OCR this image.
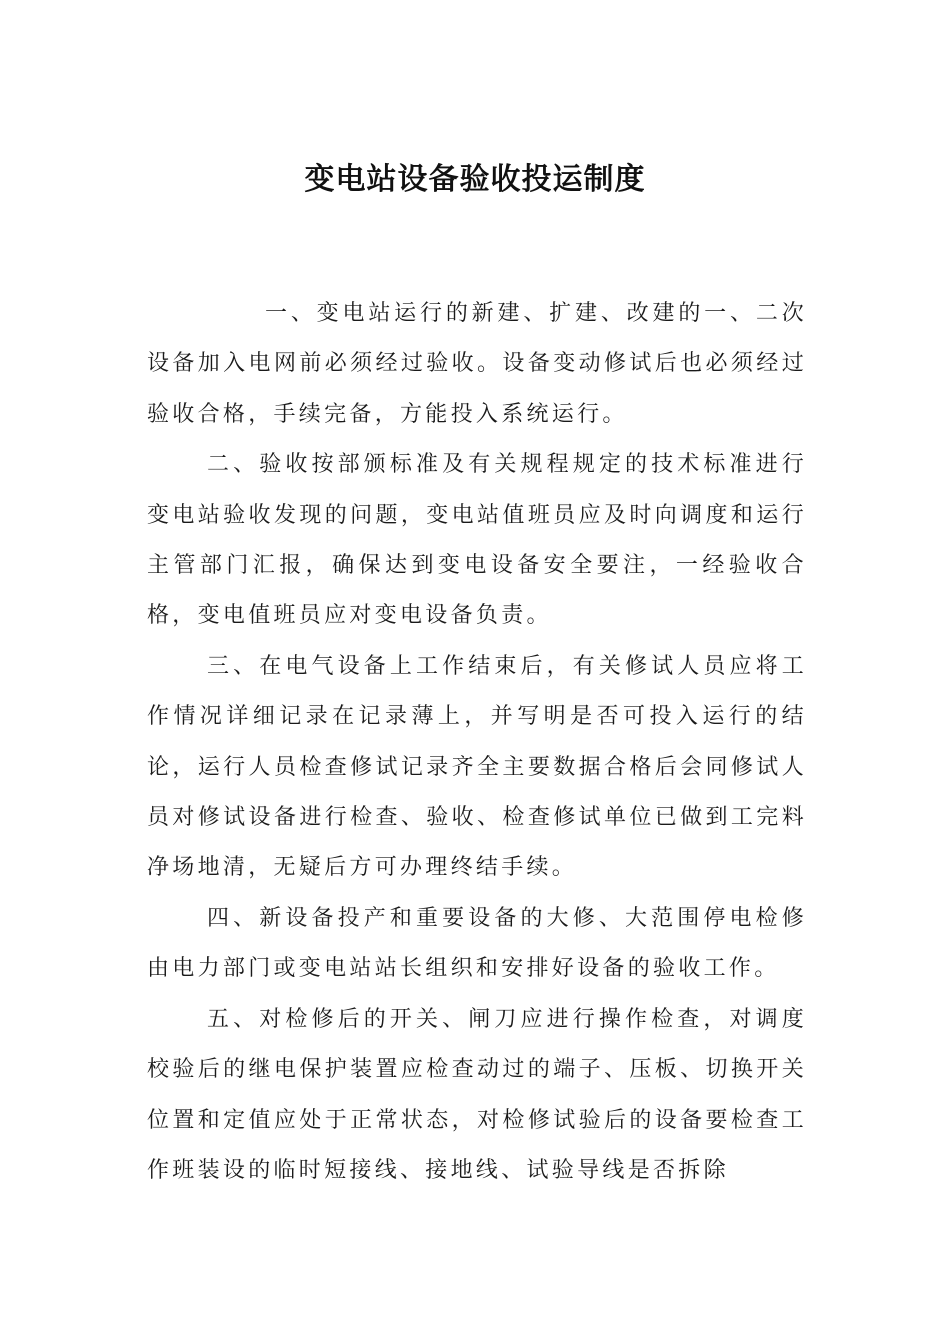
变电站设备验收投运制度

一、变电站运行的新建、扩建、改建的一、二次设备加入电网前必须经过验收。设备变动修试后也必须经过验收合格，手续完备，方能投入系统运行。

二、验收按部颁标准及有关规程规定的技术标准进行变电站验收发现的问题，变电站值班员应及时向调度和运行主管部门汇报，确保达到变电设备安全要注，一经验收合格，变电值班员应对变电设备负责。

三、在电气设备上工作结束后，有关修试人员应将工作情况详细记录在记录薄上，并写明是否可投入运行的结论，运行人员检查修试记录齐全主要数据合格后会同修试人员对修试设备进行检查、验收、检查修试单位已做到工完料净场地清，无疑后方可办理终结手续。

四、新设备投产和重要设备的大修、大范围停电检修由电力部门或变电站站长组织和安排好设备的验收工作。

五、对检修后的开关、闸刀应进行操作检查，对调度校验后的继电保护装置应检查动过的端子、压板、切换开关位置和定值应处于正常状态，对检修试验后的设备要检查工作班装设的临时短接线、接地线、试验导线是否拆除
